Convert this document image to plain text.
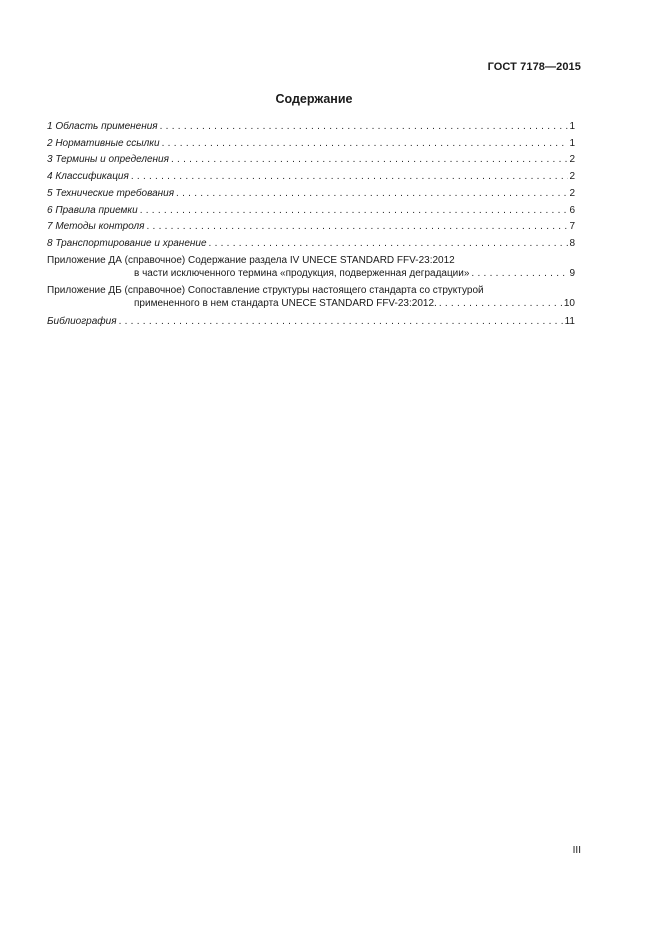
ГОСТ 7178—2015
Содержание
1 Область применения . . .	1
2 Нормативные ссылки . . .	1
3 Термины и определения . . .	2
4 Классификация . . .	2
5 Технические требования . . .	2
6 Правила приемки . . .	6
7 Методы контроля . . .	7
8 Транспортирование и хранение . . .	8
Приложение ДА (справочное) Содержание раздела IV UNECE STANDARD FFV-23:2012
в части исключенного термина «продукция, подверженная деградации» . . .	9
Приложение ДБ (справочное) Сопоставление структуры настоящего стандарта со структурой
примененного в нем стандарта UNECE STANDARD FFV-23:2012. . . .	10
Библиография . . .	11
III
